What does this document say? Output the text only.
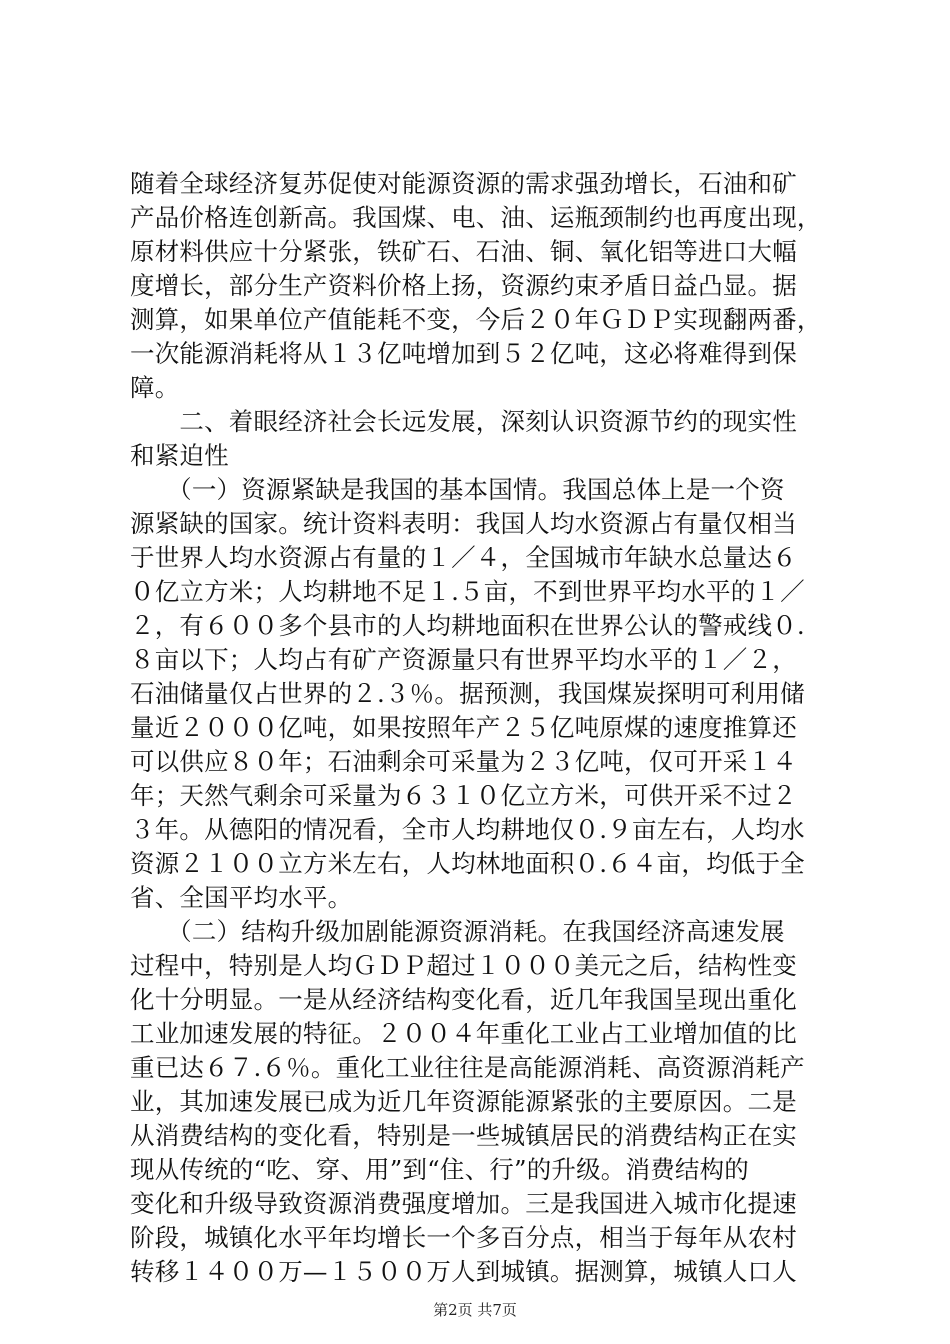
随着全球经济复苏促使对能源资源的需求强劲增长，石油和矿
产品价格连创新高。我国煤、电、油、运瓶颈制约也再度出现，
原材料供应十分紧张，铁矿石、石油、铜、氧化铝等进口大幅
度增长，部分生产资料价格上扬，资源约束矛盾日益凸显。据
测算，如果单位产值能耗不变，今后２０年ＧＤＰ实现翻两番，
一次能源消耗将从１３亿吨增加到５２亿吨，这必将难得到保
障。
　　二、着眼经济社会长远发展，深刻认识资源节约的现实性
和紧迫性
　　（一）资源紧缺是我国的基本国情。我国总体上是一个资
源紧缺的国家。统计资料表明：我国人均水资源占有量仅相当
于世界人均水资源占有量的１／４，全国城市年缺水总量达６
０亿立方米；人均耕地不足１.５亩，不到世界平均水平的１／
２，有６００多个县市的人均耕地面积在世界公认的警戒线０.
８亩以下；人均占有矿产资源量只有世界平均水平的１／２，
石油储量仅占世界的２.３％。据预测，我国煤炭探明可利用储
量近２０００亿吨，如果按照年产２５亿吨原煤的速度推算还
可以供应８０年；石油剩余可采量为２３亿吨，仅可开采１４
年；天然气剩余可采量为６３１０亿立方米，可供开采不过２
３年。从德阳的情况看，全市人均耕地仅０.９亩左右，人均水
资源２１００立方米左右，人均林地面积０.６４亩，均低于全
省、全国平均水平。
　　（二）结构升级加剧能源资源消耗。在我国经济高速发展
过程中，特别是人均ＧＤＰ超过１０００美元之后，结构性变
化十分明显。一是从经济结构变化看，近几年我国呈现出重化
工业加速发展的特征。２００４年重化工业占工业增加值的比
重已达６７.６％。重化工业往往是高能源消耗、高资源消耗产
业，其加速发展已成为近几年资源能源紧张的主要原因。二是
从消费结构的变化看，特别是一些城镇居民的消费结构正在实
现从传统的“吃、穿、用”到“住、行”的升级。消费结构的
变化和升级导致资源消费强度增加。三是我国进入城市化提速
阶段，城镇化水平年均增长一个多百分点，相当于每年从农村
转移１４００万—１５００万人到城镇。据测算，城镇人口人
第2页 共7页
